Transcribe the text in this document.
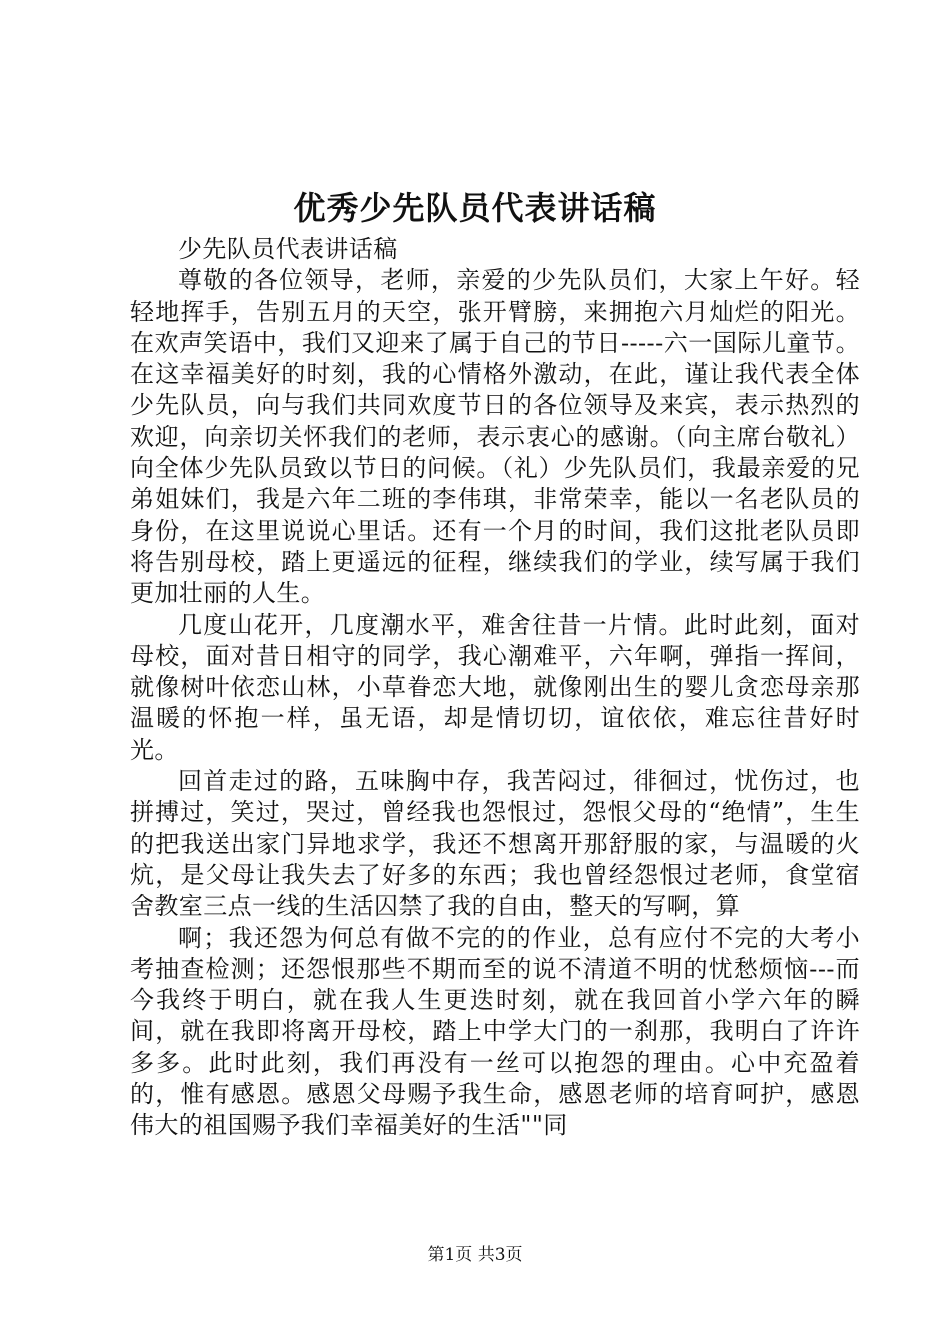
优秀少先队员代表讲话稿

少先队员代表讲话稿

尊敬的各位领导，老师，亲爱的少先队员们，大家上午好。轻轻地挥手，告别五月的天空，张开臂膀，来拥抱六月灿烂的阳光。在欢声笑语中，我们又迎来了属于自己的节日-----六一国际儿童节。在这幸福美好的时刻，我的心情格外激动，在此，谨让我代表全体少先队员，向与我们共同欢度节日的各位领导及来宾，表示热烈的欢迎，向亲切关怀我们的老师，表示衷心的感谢。（向主席台敬礼）向全体少先队员致以节日的问候。（礼）少先队员们，我最亲爱的兄弟姐妹们，我是六年二班的李伟琪，非常荣幸，能以一名老队员的身份，在这里说说心里话。还有一个月的时间，我们这批老队员即将告别母校，踏上更遥远的征程，继续我们的学业，续写属于我们更加壮丽的人生。

几度山花开，几度潮水平，难舍往昔一片情。此时此刻，面对母校，面对昔日相守的同学，我心潮难平，六年啊，弹指一挥间，就像树叶依恋山林，小草眷恋大地，就像刚出生的婴儿贪恋母亲那温暖的怀抱一样，虽无语，却是情切切，谊依依，难忘往昔好时光。

回首走过的路，五味胸中存，我苦闷过，徘徊过，忧伤过，也拼搏过，笑过，哭过，曾经我也怨恨过，怨恨父母的“绝情”，生生的把我送出家门异地求学，我还不想离开那舒服的家，与温暖的火炕，是父母让我失去了好多的东西；我也曾经怨恨过老师，食堂宿舍教室三点一线的生活囚禁了我的自由，整天的写啊，算

啊；我还怨为何总有做不完的的作业，总有应付不完的大考小考抽查检测；还怨恨那些不期而至的说不清道不明的忧愁烦恼---而今我终于明白，就在我人生更迭时刻，就在我回首小学六年的瞬间，就在我即将离开母校，踏上中学大门的一刹那，我明白了许许多多。此时此刻，我们再没有一丝可以抱怨的理由。心中充盈着的，惟有感恩。感恩父母赐予我生命，感恩老师的培育呵护，感恩伟大的祖国赐予我们幸福美好的生活""同

第1页 共3页
